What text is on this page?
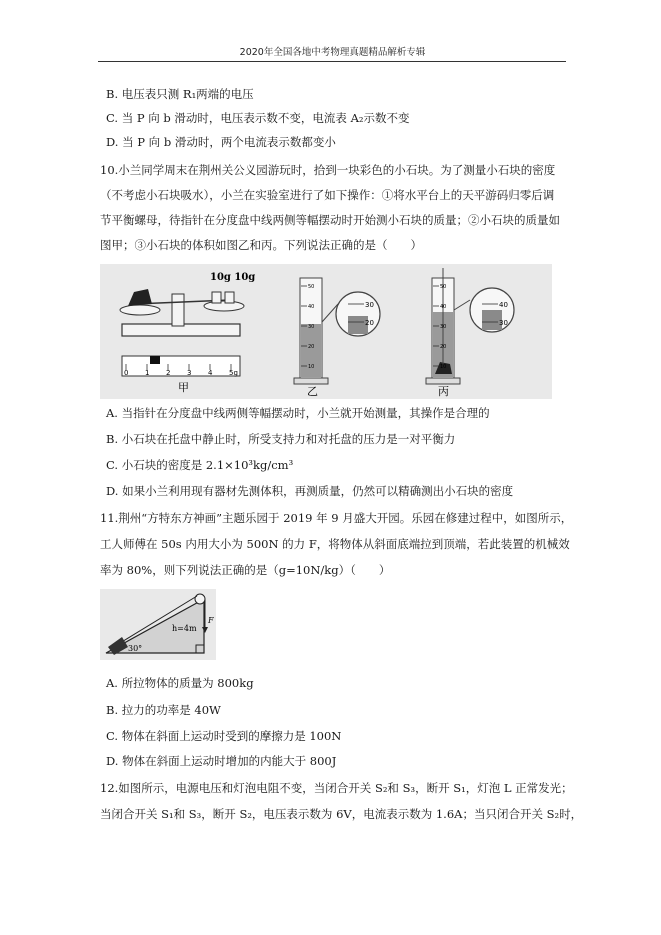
2020年全国各地中考物理真题精品解析专辑
B. 电压表只测 R₁两端的电压
C. 当 P 向 b 滑动时，电压表示数不变，电流表 A₂示数不变
D. 当 P 向 b 滑动时，两个电流表示数都变小
10.小兰同学周末在荆州关公义园游玩时，拾到一块彩色的小石块。为了测量小石块的密度
（不考虑小石块吸水），小兰在实验室进行了如下操作：①将水平台上的天平游码归零后调
节平衡螺母，待指针在分度盘中线两侧等幅摆动时开始测小石块的质量；②小石块的质量如
图甲；③小石块的体积如图乙和丙。下列说法正确的是（　　）
10g 10g
0 1 2 3 4 5g
甲
50
40
30
20
10
30
20
乙
50
40
30
20
10
40
30
丙
A. 当指针在分度盘中线两侧等幅摆动时，小兰就开始测量，其操作是合理的
B. 小石块在托盘中静止时，所受支持力和对托盘的压力是一对平衡力
C. 小石块的密度是 2.1×10³kg/cm³
D. 如果小兰利用现有器材先测体积，再测质量，仍然可以精确测出小石块的密度
11.荆州“方特东方神画”主题乐园于 2019 年 9 月盛大开园。乐园在修建过程中，如图所示，
工人师傅在 50s 内用大小为 500N 的力 F，将物体从斜面底端拉到顶端，若此装置的机械效
率为 80%，则下列说法正确的是（g=10N/kg）（　　）
F
h=4m
30°
A. 所拉物体的质量为 800kg
B. 拉力的功率是 40W
C. 物体在斜面上运动时受到的摩擦力是 100N
D. 物体在斜面上运动时增加的内能大于 800J
12.如图所示，电源电压和灯泡电阻不变，当闭合开关 S₂和 S₃，断开 S₁，灯泡 L 正常发光；
当闭合开关 S₁和 S₃，断开 S₂，电压表示数为 6V，电流表示数为 1.6A；当只闭合开关 S₂时，
